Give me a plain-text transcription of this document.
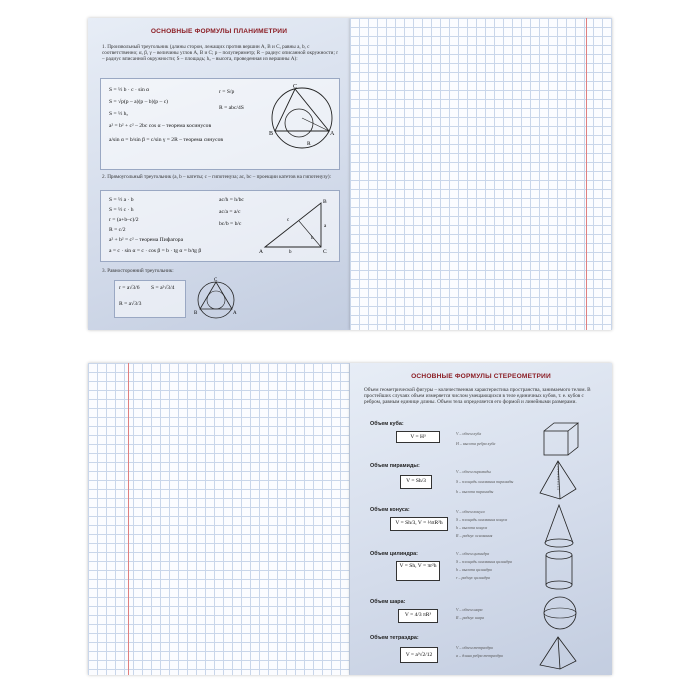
ОСНОВНЫЕ ФОРМУЛЫ ПЛАНИМЕТРИИ
1. Произвольный треугольник (длины сторон, лежащих против вершин A, B и C, равны a, b, c соответственно; α, β, γ – величины углов A, B и C; p – полупериметр; R – радиус описанной окружности; r – радиус вписанной окружности; S – площадь; hₐ – высота, проведенная из вершины A):
S = ½ b · c · sin α
S = √p(p – a)(p – b)(p – c)
S = ½ hₐ
a² = b² + c² – 2bc cos α – теорема косинусов
a/sin α = b/sin β = c/sin γ = 2R – теорема синусов
r = S/p
R = abc/4S
B	A
C
R
2. Прямоугольный треугольник (a, b – катеты; c – гипотенуза; aс, bс – проекции катетов на гипотенузу):
S = ½ a · b
S = ½ c · h
r = (a+b–c)/2
R = c/2
a² + b² = c² – теорема Пифагора
a = c · sin α = c · cos β = b · tg α = b/tg β
aс/h = h/bс
aс/a = a/c
bс/b = b/c
A
B
C
b
a
c
h
3. Равносторонний треугольник:
r = a√3/6 S = a²√3/4
R = a√3/3
B	A
C
ОСНОВНЫЕ ФОРМУЛЫ СТЕРЕОМЕТРИИ
Объем геометрической фигуры – количественная характеристика пространства, занимаемого телом. В простейших случаях объем измеряется числом умещающихся в теле единичных кубов, т. е. кубов с ребром, равным единице длины. Объем тела определяется его формой и линейными размерами.
Объем куба:
V = H³
V – объем куба
H – высота ребра куба
Объем пирамиды:
V = Sh/3
V – объем пирамиды
S – площадь основания пирамиды
h – высота пирамиды
Объем конуса:
V = Sh/3, V = ⅓πR²h
V – объем конуса
S – площадь основания конуса
h – высота конуса
R – радиус основания
Объем цилиндра:
V = Sh, V = πr²h
V – объем цилиндра
S – площадь основания цилиндра
h – высота цилиндра
r – радиус цилиндра
Объем шара:
V = 4/3 πR³
V – объем шара
R – радиус шара
Объем тетраэдра:
V = a³√2/12
V – объем тетраэдра
a – длина ребра тетраэдра
